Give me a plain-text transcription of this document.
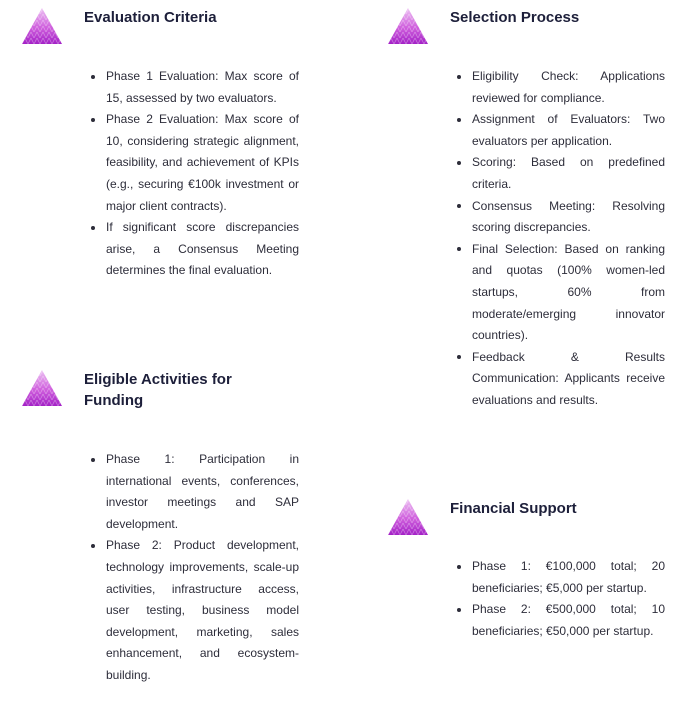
Evaluation Criteria
Phase 1 Evaluation: Max score of 15, assessed by two evaluators.
Phase 2 Evaluation: Max score of 10, considering strategic alignment, feasibility, and achievement of KPIs (e.g., securing €100k investment or major client contracts).
If significant score discrepancies arise, a Consensus Meeting determines the final evaluation.
Selection Process
Eligibility Check: Applications reviewed for compliance.
Assignment of Evaluators: Two evaluators per application.
Scoring: Based on predefined criteria.
Consensus Meeting: Resolving scoring discrepancies.
Final Selection: Based on ranking and quotas (100% women-led startups, 60% from moderate/emerging innovator countries).
Feedback & Results Communication: Applicants receive evaluations and results.
Eligible Activities for Funding
Phase 1: Participation in international events, conferences, investor meetings and SAP development.
Phase 2: Product development, technology improvements, scale-up activities, infrastructure access, user testing, business model development, marketing, sales enhancement, and ecosystem-building.
Financial Support
Phase 1: €100,000 total; 20 beneficiaries; €5,000 per startup.
Phase 2: €500,000 total; 10 beneficiaries; €50,000 per startup.
